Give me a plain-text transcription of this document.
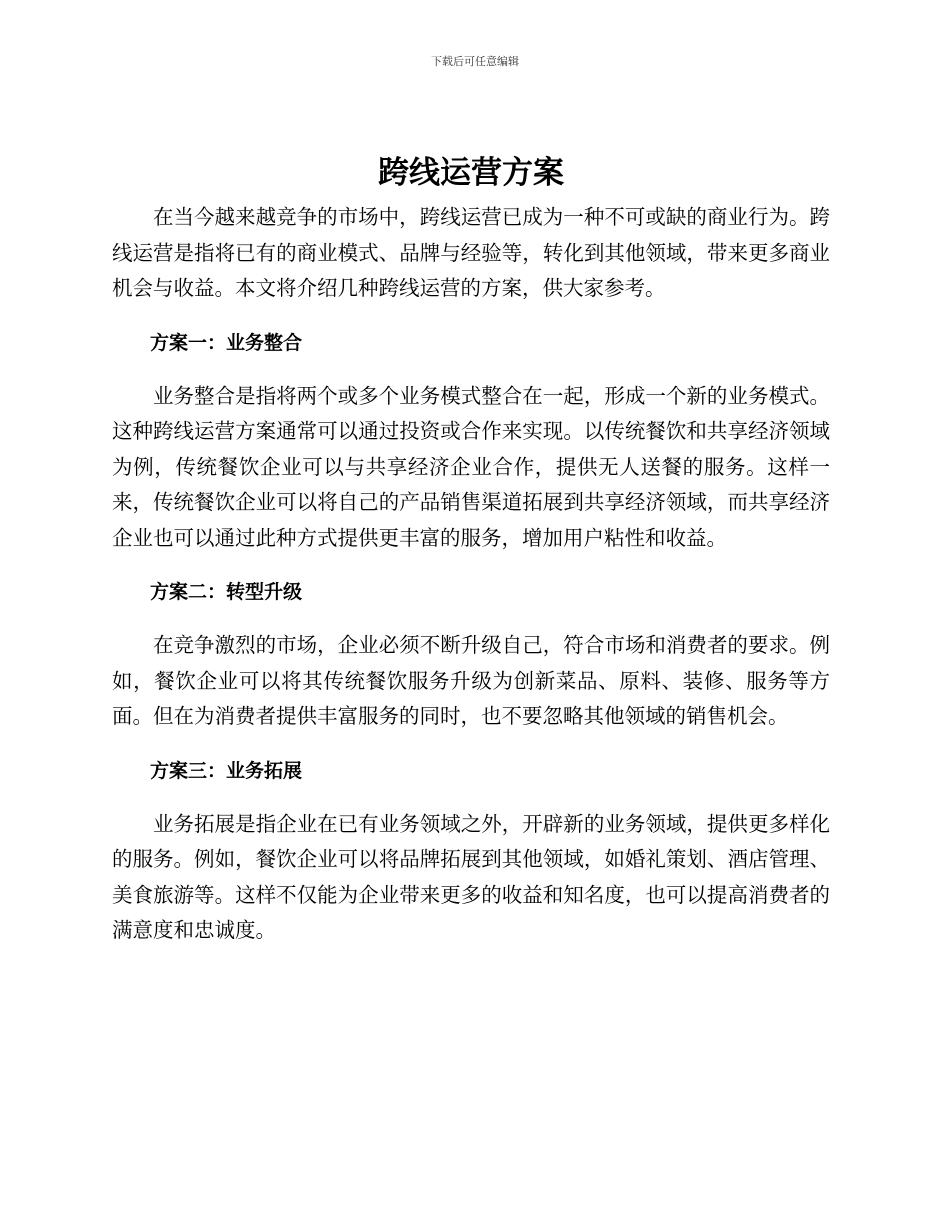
下载后可任意编辑
跨线运营方案

在当今越来越竞争的市场中，跨线运营已成为一种不可或缺的商业行为。跨线运营是指将已有的商业模式、品牌与经验等，转化到其他领域，带来更多商业机会与收益。本文将介绍几种跨线运营的方案，供大家参考。

方案一：业务整合

业务整合是指将两个或多个业务模式整合在一起，形成一个新的业务模式。这种跨线运营方案通常可以通过投资或合作来实现。以传统餐饮和共享经济领域为例，传统餐饮企业可以与共享经济企业合作，提供无人送餐的服务。这样一来，传统餐饮企业可以将自己的产品销售渠道拓展到共享经济领域，而共享经济企业也可以通过此种方式提供更丰富的服务，增加用户粘性和收益。

方案二：转型升级

在竞争激烈的市场，企业必须不断升级自己，符合市场和消费者的要求。例如，餐饮企业可以将其传统餐饮服务升级为创新菜品、原料、装修、服务等方面。但在为消费者提供丰富服务的同时，也不要忽略其他领域的销售机会。

方案三：业务拓展

业务拓展是指企业在已有业务领域之外，开辟新的业务领域，提供更多样化的服务。例如，餐饮企业可以将品牌拓展到其他领域，如婚礼策划、酒店管理、美食旅游等。这样不仅能为企业带来更多的收益和知名度，也可以提高消费者的满意度和忠诚度。
